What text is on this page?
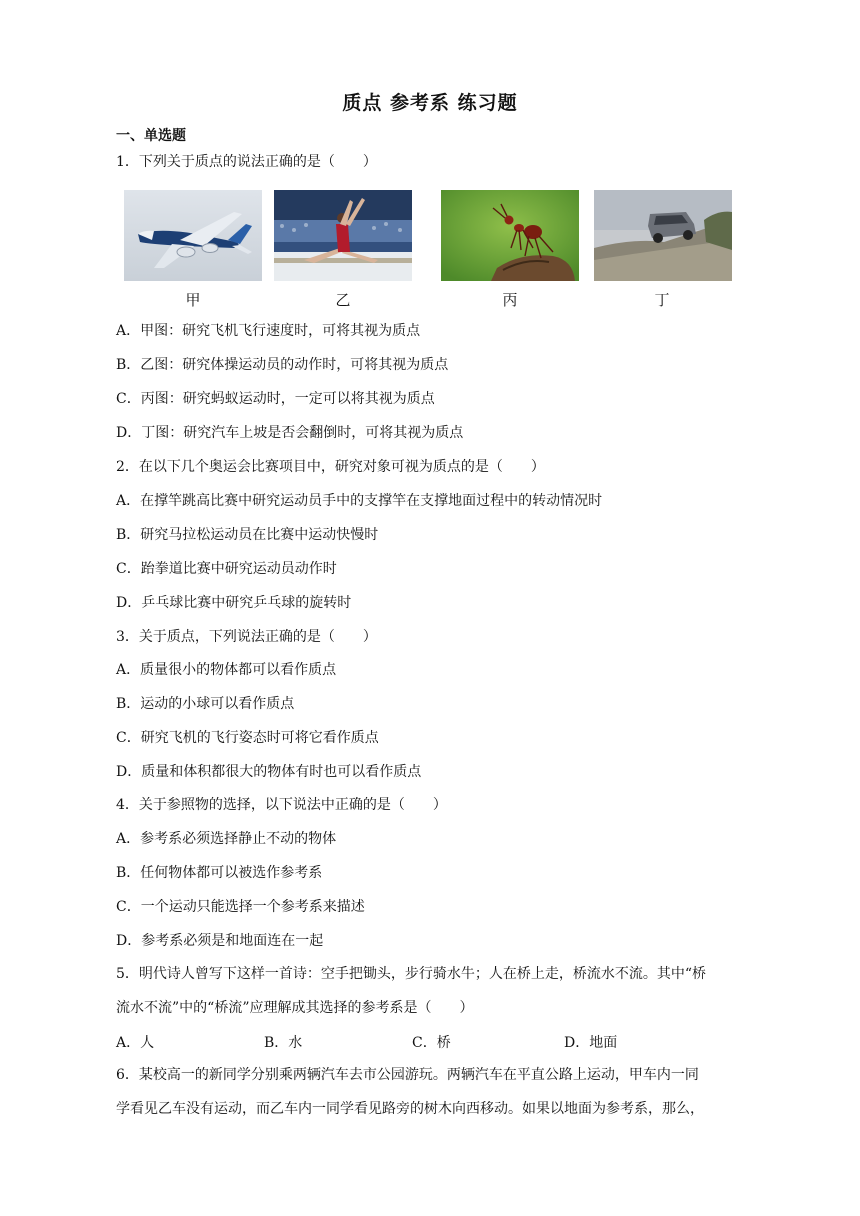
质点 参考系 练习题
一、单选题
1．下列关于质点的说法正确的是（　　）
甲	乙	丙	丁
A．甲图：研究飞机飞行速度时，可将其视为质点
B．乙图：研究体操运动员的动作时，可将其视为质点
C．丙图：研究蚂蚁运动时，一定可以将其视为质点
D．丁图：研究汽车上坡是否会翻倒时，可将其视为质点
2．在以下几个奥运会比赛项目中，研究对象可视为质点的是（　　）
A．在撑竿跳高比赛中研究运动员手中的支撑竿在支撑地面过程中的转动情况时
B．研究马拉松运动员在比赛中运动快慢时
C．跆拳道比赛中研究运动员动作时
D．乒乓球比赛中研究乒乓球的旋转时
3．关于质点，下列说法正确的是（　　）
A．质量很小的物体都可以看作质点
B．运动的小球可以看作质点
C．研究飞机的飞行姿态时可将它看作质点
D．质量和体积都很大的物体有时也可以看作质点
4．关于参照物的选择，以下说法中正确的是（　　）
A．参考系必须选择静止不动的物体
B．任何物体都可以被选作参考系
C．一个运动只能选择一个参考系来描述
D．参考系必须是和地面连在一起
5．明代诗人曾写下这样一首诗：空手把锄头，步行骑水牛；人在桥上走，桥流水不流。其中“桥
流水不流”中的“桥流”应理解成其选择的参考系是（　　）
A．人	B．水	C．桥	D．地面
6．某校高一的新同学分别乘两辆汽车去市公园游玩。两辆汽车在平直公路上运动，甲车内一同
学看见乙车没有运动，而乙车内一同学看见路旁的树木向西移动。如果以地面为参考系，那么，
